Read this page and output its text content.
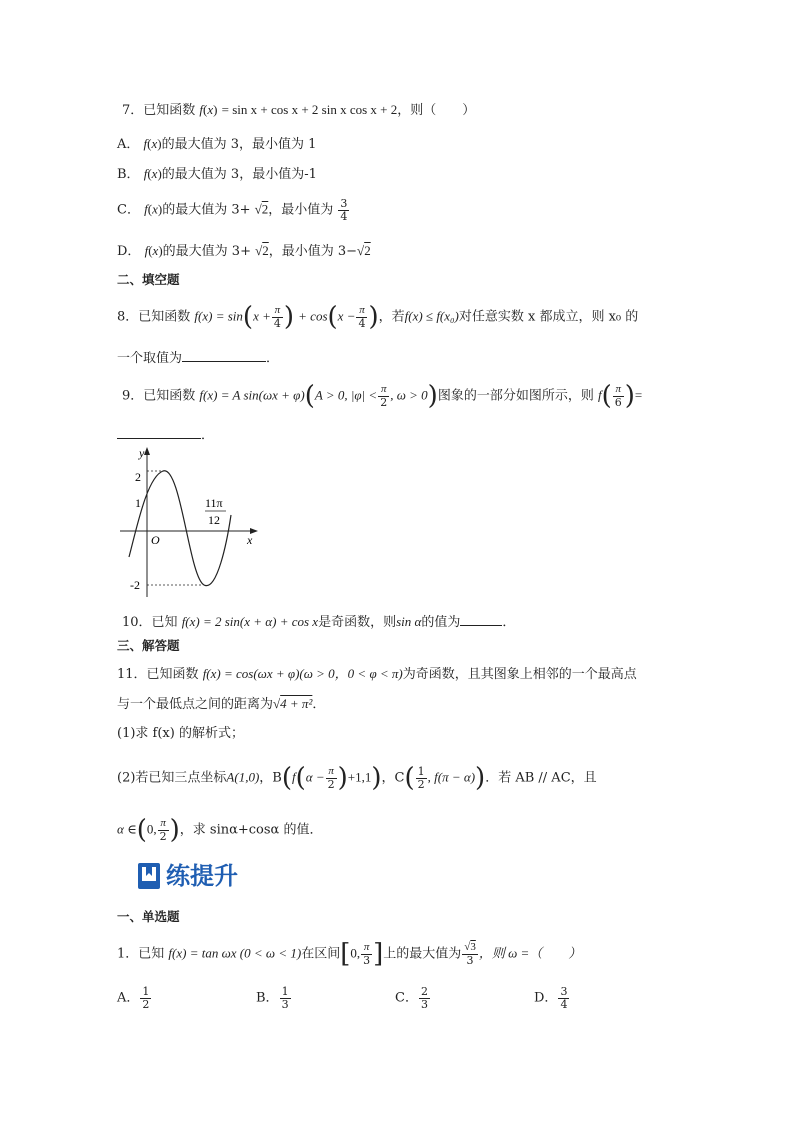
7．已知函数 f(x) = sin x + cos x + 2 sin x cos x + 2，则（　　）
A． f(x)的最大值为 3，最小值为 1
B． f(x)的最大值为 3，最小值为-1
C． f(x)的最大值为 3+ √2，最小值为 $\frac{3}{4}$
D． f(x)的最大值为 3+ √2，最小值为 3−√2
二、填空题
8．已知函数 $f(x) = \sin(x + \frac{\pi}{4}$ ) + $\cos(x - \frac{\pi}{4}$ )，若f(x) ≤ f(x₀)对任意实数 x 都成立，则 x₀ 的
一个取值为	．
9．已知函数 f(x) = A sin(ωx + φ)(A > 0, $|\varphi| < \frac{\pi}{2}$ , ω > 0)图象的一部分如图所示，则 $f( \frac{\pi}{6}$ )=
．
y
x
O
2
1
-2
11π
12
10．已知 f(x) = 2 sin(x + α) + cos x是奇函数，则sin α的值为	．
三、解答题
11．已知函数 f(x) = cos(ωx + φ)(ω > 0，0 < φ < π)为奇函数，且其图象上相邻的一个最高点
与一个最低点之间的距离为√4 + π²．
(1)求 f(x) 的解析式；
(2)若已知三点坐标A(1,0)，$B(f(\alpha - \frac{\pi}{2} )+1,1)$，$C( \frac{1}{2}$ , f(π − α))．若 AB // AC，且
α ∈(0, $\frac{\pi}{2}$ )，求 sinα+cosα 的值．
练提升
一、单选题
1．已知 f(x) = tan ωx (0 < ω < 1)在区间[0, $\frac{\pi}{3}$ ]上的最大值为 $\frac{√3}{3}$ ，则 ω =（　　）
A． $\frac{1}{2}$	B． $\frac{1}{3}$	C． $\frac{2}{3}$	D． $\frac{3}{4}$
